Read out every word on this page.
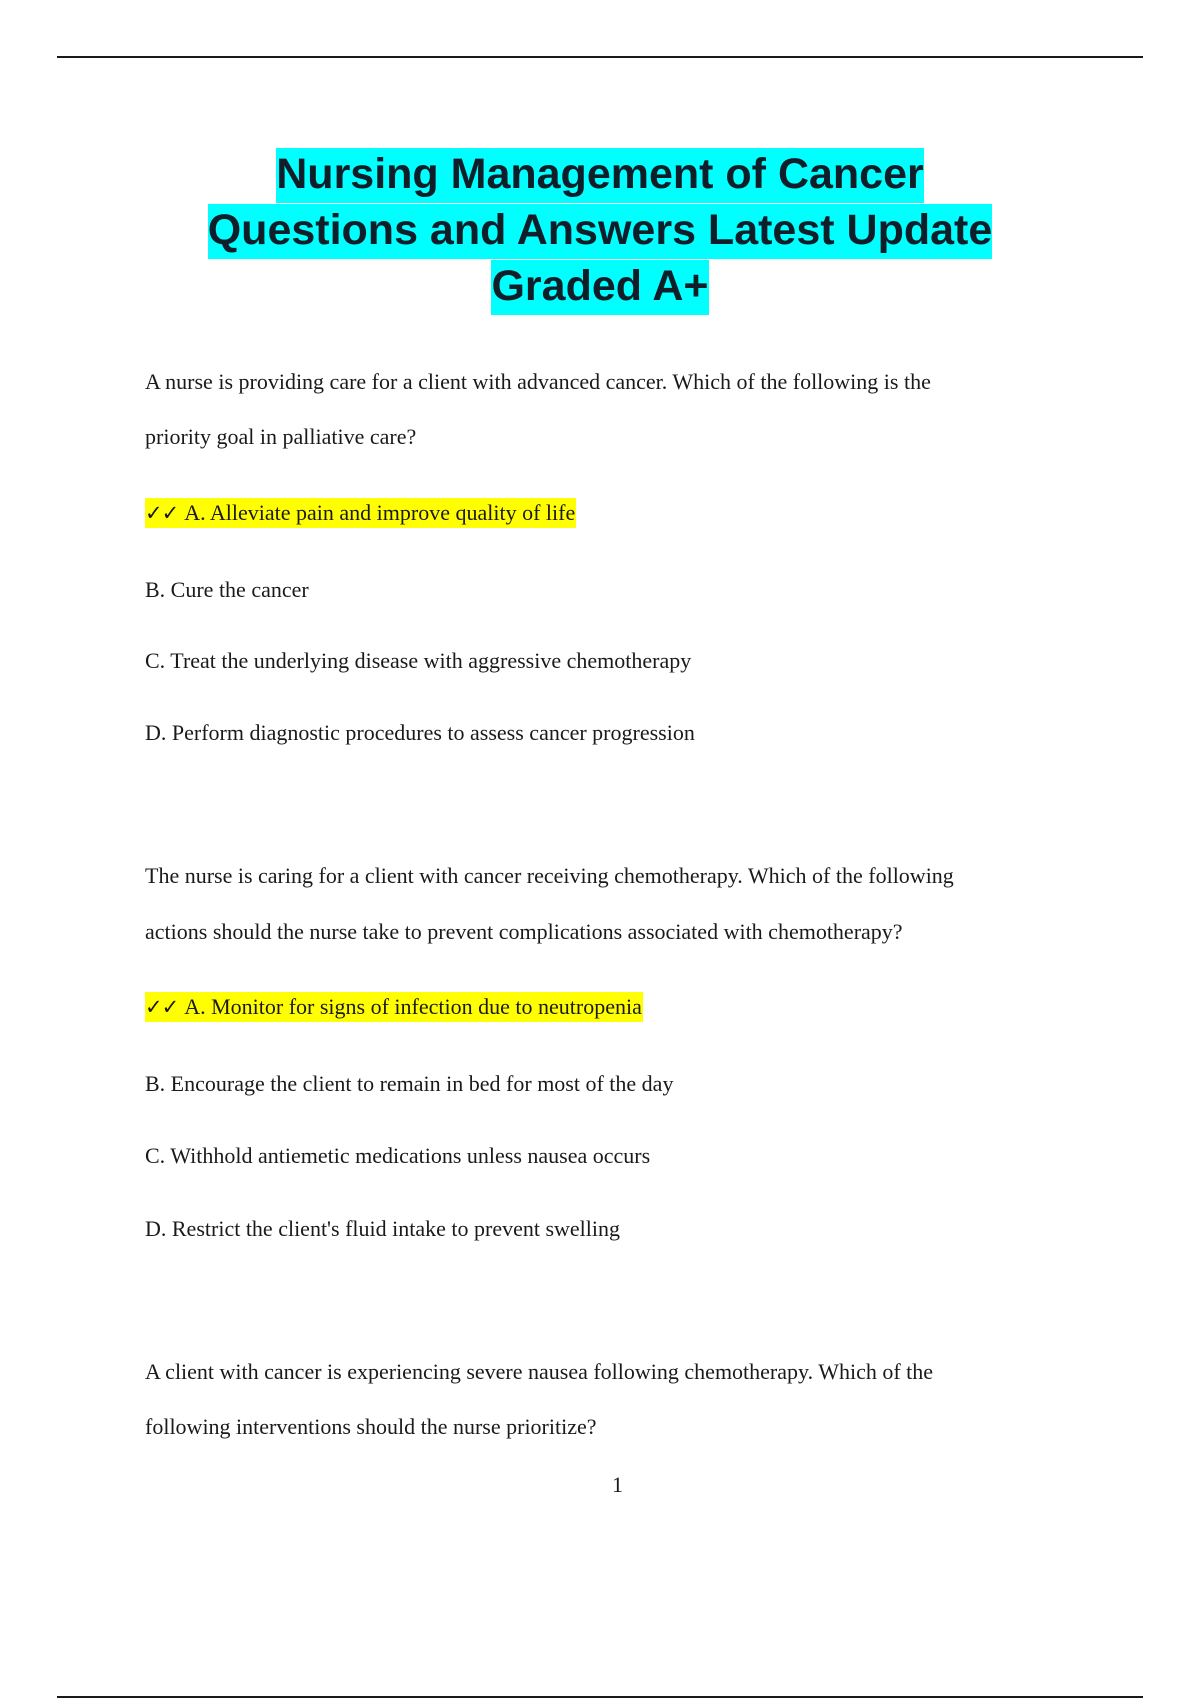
Nursing Management of Cancer
Questions and Answers Latest Update
Graded A+
A nurse is providing care for a client with advanced cancer. Which of the following is the
priority goal in palliative care?
✓✓ A. Alleviate pain and improve quality of life
B. Cure the cancer
C. Treat the underlying disease with aggressive chemotherapy
D. Perform diagnostic procedures to assess cancer progression
The nurse is caring for a client with cancer receiving chemotherapy. Which of the following
actions should the nurse take to prevent complications associated with chemotherapy?
✓✓ A. Monitor for signs of infection due to neutropenia
B. Encourage the client to remain in bed for most of the day
C. Withhold antiemetic medications unless nausea occurs
D. Restrict the client's fluid intake to prevent swelling
A client with cancer is experiencing severe nausea following chemotherapy. Which of the
following interventions should the nurse prioritize?
1
